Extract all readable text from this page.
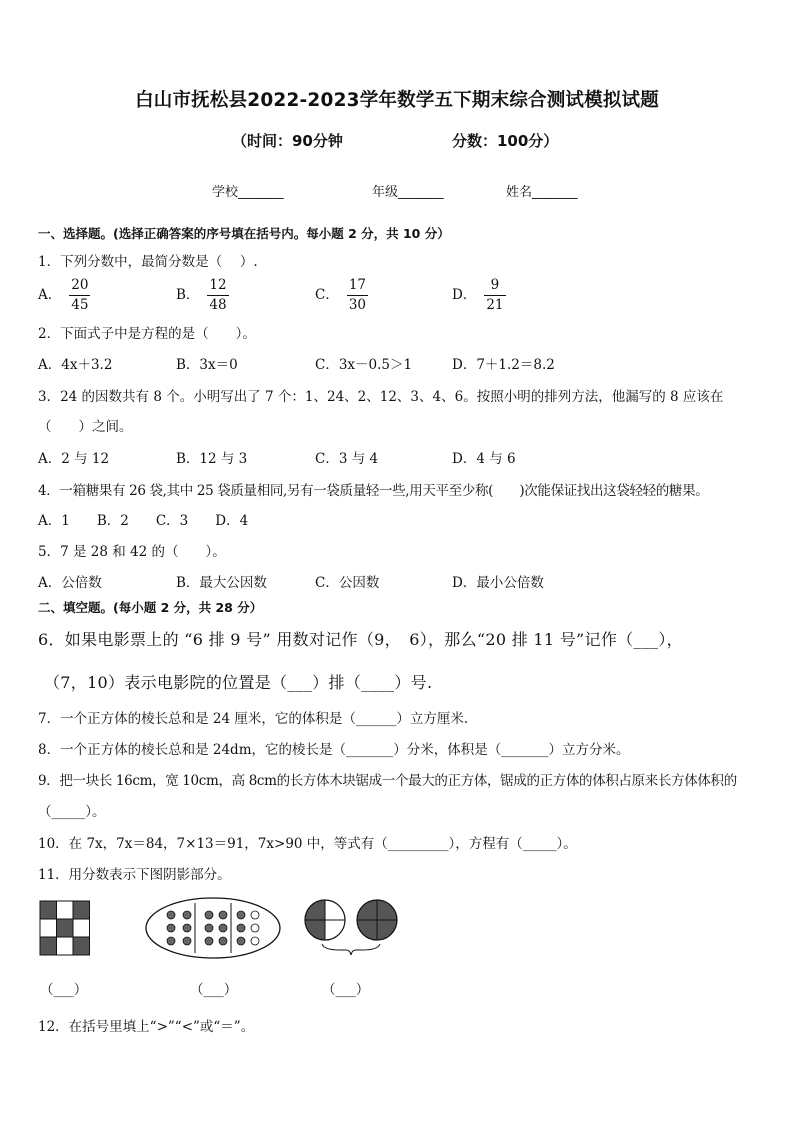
白山市抚松县2022-2023学年数学五下期末综合测试模拟试题
（时间：90分钟	分数：100分）
学校_______	年级_______	姓名_______
一、选择题。(选择正确答案的序号填在括号内。每小题 2 分，共 10 分）
1．下列分数中，最简分数是（　 ）.
A． $\frac{20}{45}$	B． $\frac{12}{48}$	C． $\frac{17}{30}$	D． $\frac{9}{21}$
2．下面式子中是方程的是（　　）。
A．4x＋3.2	B．3x＝0	C．3x－0.5＞1	D．7＋1.2＝8.2
3．24 的因数共有 8 个。小明写出了 7 个：1、24、2、12、3、4、6。按照小明的排列方法，他漏写的 8 应该在
（　　）之间。
A．2 与 12	B．12 与 3	C．3 与 4	D．4 与 6
4．一箱糖果有 26 袋,其中 25 袋质量相同,另有一袋质量轻一些,用天平至少称(　　)次能保证找出这袋轻轻的糖果。
A．1　　B．2　　C．3　　D．4
5．7 是 28 和 42 的（　　）。
A．公倍数	B．最大公因数	C．公因数	D．最小公倍数
二、填空题。(每小题 2 分，共 28 分）
6．如果电影票上的 “6 排 9 号” 用数对记作（9，　6），那么“20 排 11 号”记作（___），
（7，10）表示电影院的位置是（___）排（____）号.
7．一个正方体的棱长总和是 24 厘米，它的体积是（______）立方厘米.
8．一个正方体的棱长总和是 24dm，它的棱长是（_______）分米，体积是（_______）立方分米。
9．把一块长 16cm，宽 10cm，高 8cm的长方体木块锯成一个最大的正方体，锯成的正方体的体积占原来长方体体积的
（_____）。
10．在 7x，7x＝84，7×13＝91，7x>90 中，等式有（_________），方程有（_____）。
11．用分数表示下图阴影部分。
（___）	（___）	（___）
12．在括号里填上“>”“<”或“＝”。
